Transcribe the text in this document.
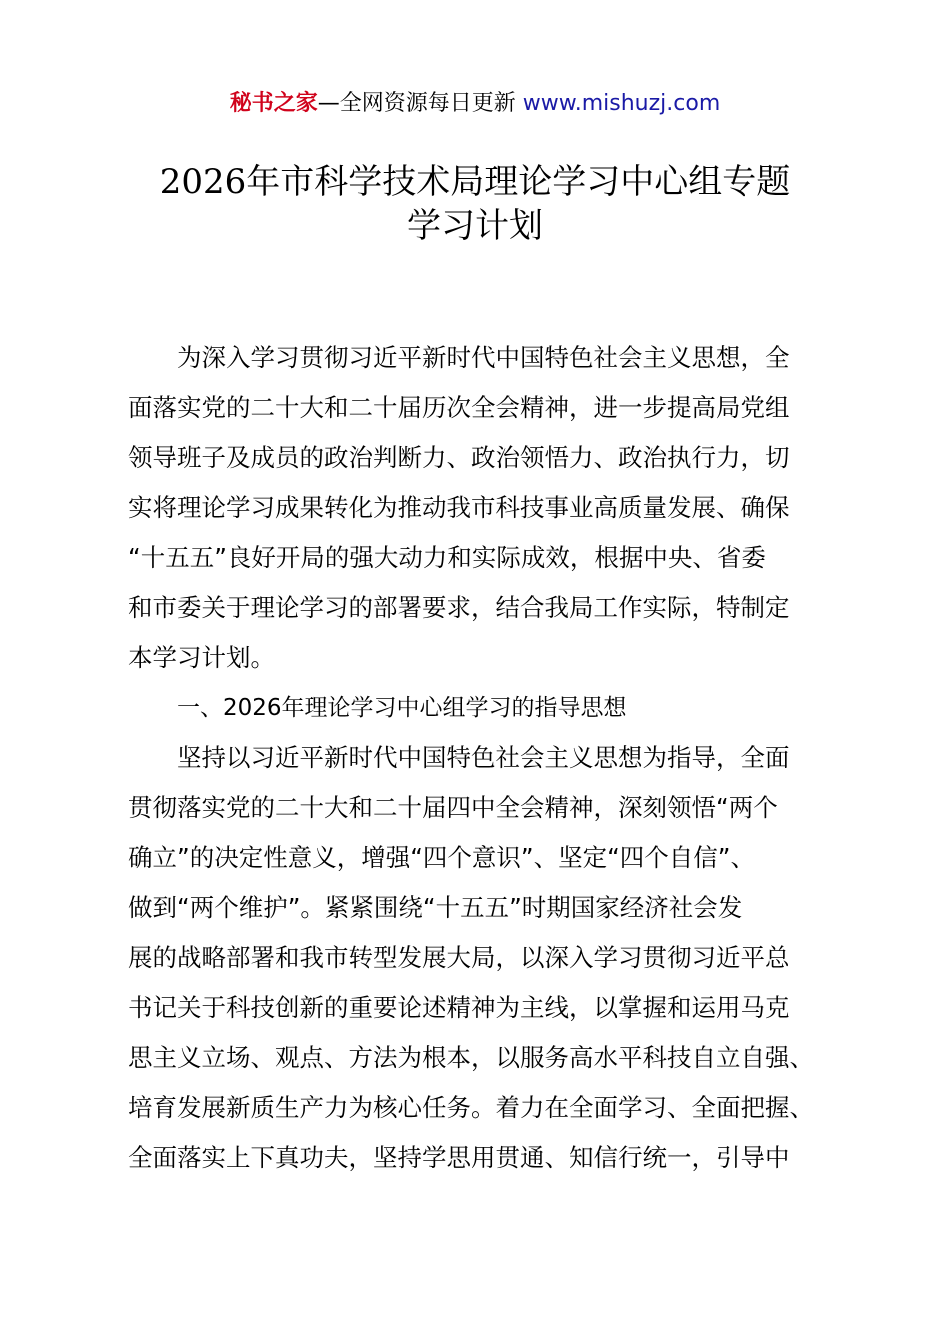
秘书之家—全网资源每日更新 www.mishuzj.com
2026年市科学技术局理论学习中心组专题
学习计划
为深入学习贯彻习近平新时代中国特色社会主义思想，全
面落实党的二十大和二十届历次全会精神，进一步提高局党组
领导班子及成员的政治判断力、政治领悟力、政治执行力，切
实将理论学习成果转化为推动我市科技事业高质量发展、确保
“十五五”良好开局的强大动力和实际成效，根据中央、省委
和市委关于理论学习的部署要求，结合我局工作实际，特制定
本学习计划。
一、2026年理论学习中心组学习的指导思想
坚持以习近平新时代中国特色社会主义思想为指导，全面
贯彻落实党的二十大和二十届四中全会精神，深刻领悟“两个
确立”的决定性意义，增强“四个意识”、坚定“四个自信”、
做到“两个维护”。紧紧围绕“十五五”时期国家经济社会发
展的战略部署和我市转型发展大局，以深入学习贯彻习近平总
书记关于科技创新的重要论述精神为主线，以掌握和运用马克
思主义立场、观点、方法为根本，以服务高水平科技自立自强、
培育发展新质生产力为核心任务。着力在全面学习、全面把握、
全面落实上下真功夫，坚持学思用贯通、知信行统一，引导中
